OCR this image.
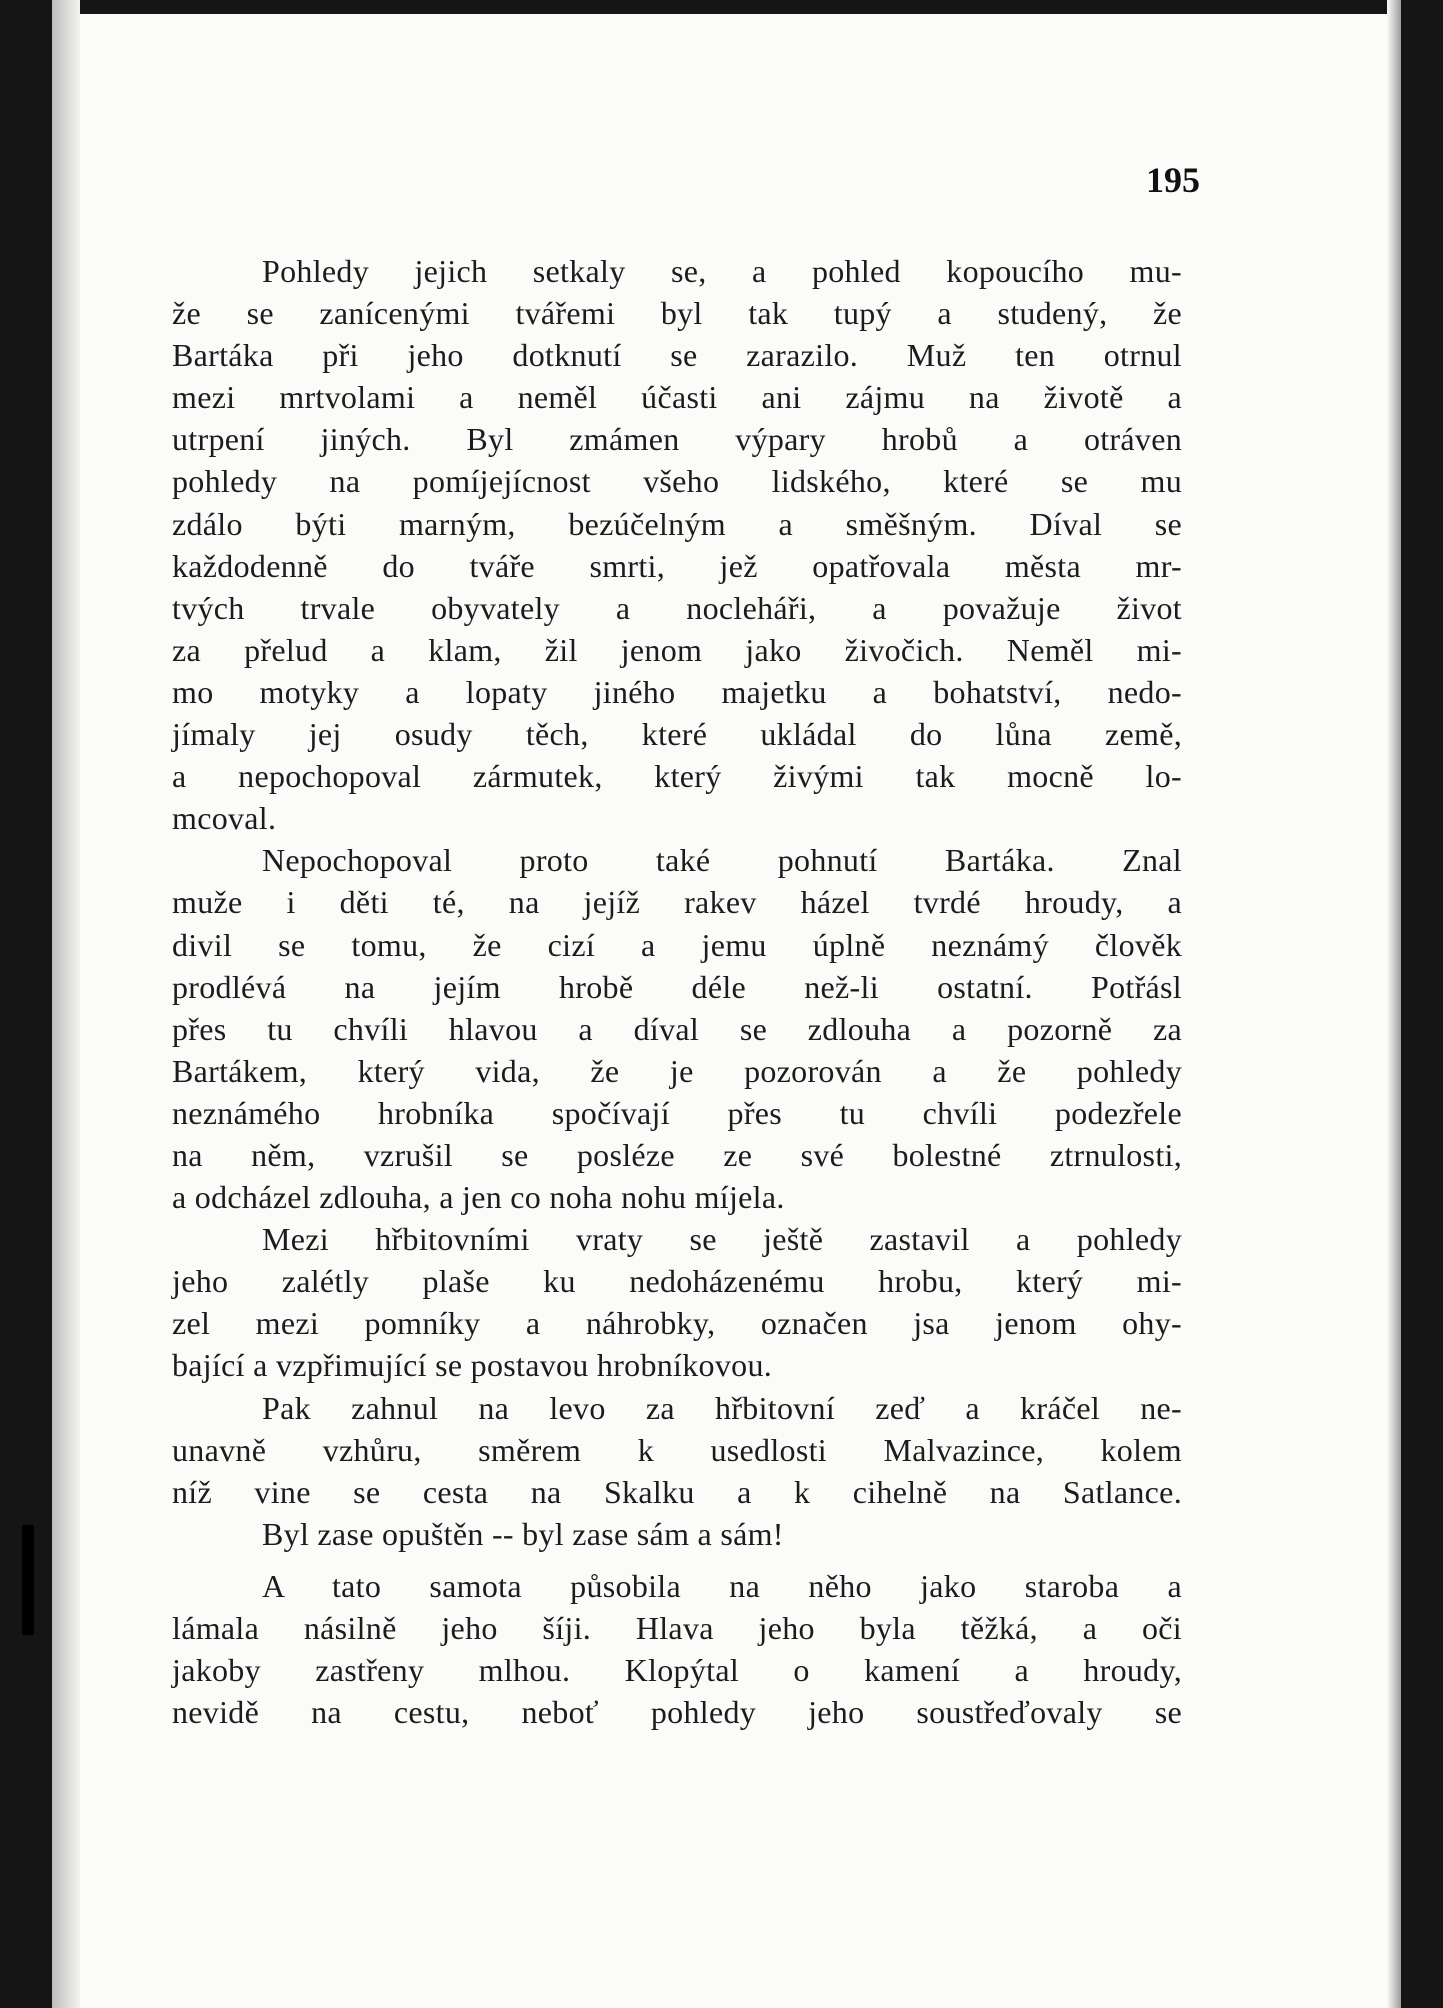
195
Pohledy jejich setkaly se, a pohled kopoucího mu-
že se zanícenými tvářemi byl tak tupý a studený, že
Bartáka při jeho dotknutí se zarazilo. Muž ten otrnul
mezi mrtvolami a neměl účasti ani zájmu na životě a
utrpení jiných. Byl zmámen výpary hrobů a otráven
pohledy na pomíjejícnost všeho lidského, které se mu
zdálo býti marným, bezúčelným a směšným. Díval se
každodenně do tváře smrti, jež opatřovala města mr-
tvých trvale obyvately a nocleháři, a považuje život
za přelud a klam, žil jenom jako živočich. Neměl mi-
mo motyky a lopaty jiného majetku a bohatství, nedo-
jímaly jej osudy těch, které ukládal do lůna země,
a nepochopoval zármutek, který živými tak mocně lo-
mcoval.
Nepochopoval proto také pohnutí Bartáka. Znal
muže i děti té, na jejíž rakev házel tvrdé hroudy, a
divil se tomu, že cizí a jemu úplně neznámý člověk
prodlévá na jejím hrobě déle než-li ostatní. Potřásl
přes tu chvíli hlavou a díval se zdlouha a pozorně za
Bartákem, který vida, že je pozorován a že pohledy
neznámého hrobníka spočívají přes tu chvíli podezřele
na něm, vzrušil se posléze ze své bolestné ztrnulosti,
a odcházel zdlouha, a jen co noha nohu míjela.
Mezi hřbitovními vraty se ještě zastavil a pohledy
jeho zalétly plaše ku nedoházenému hrobu, který mi-
zel mezi pomníky a náhrobky, označen jsa jenom ohy-
bající a vzpřimující se postavou hrobníkovou.
Pak zahnul na levo za hřbitovní zeď a kráčel ne-
unavně vzhůru, směrem k usedlosti Malvazince, kolem
níž vine se cesta na Skalku a k cihelně na Satlance.
Byl zase opuštěn -- byl zase sám a sám!
A tato samota působila na něho jako staroba a
lámala násilně jeho šíji. Hlava jeho byla těžká, a oči
jakoby zastřeny mlhou. Klopýtal o kamení a hroudy,
nevidě na cestu, neboť pohledy jeho soustřeďovaly se
